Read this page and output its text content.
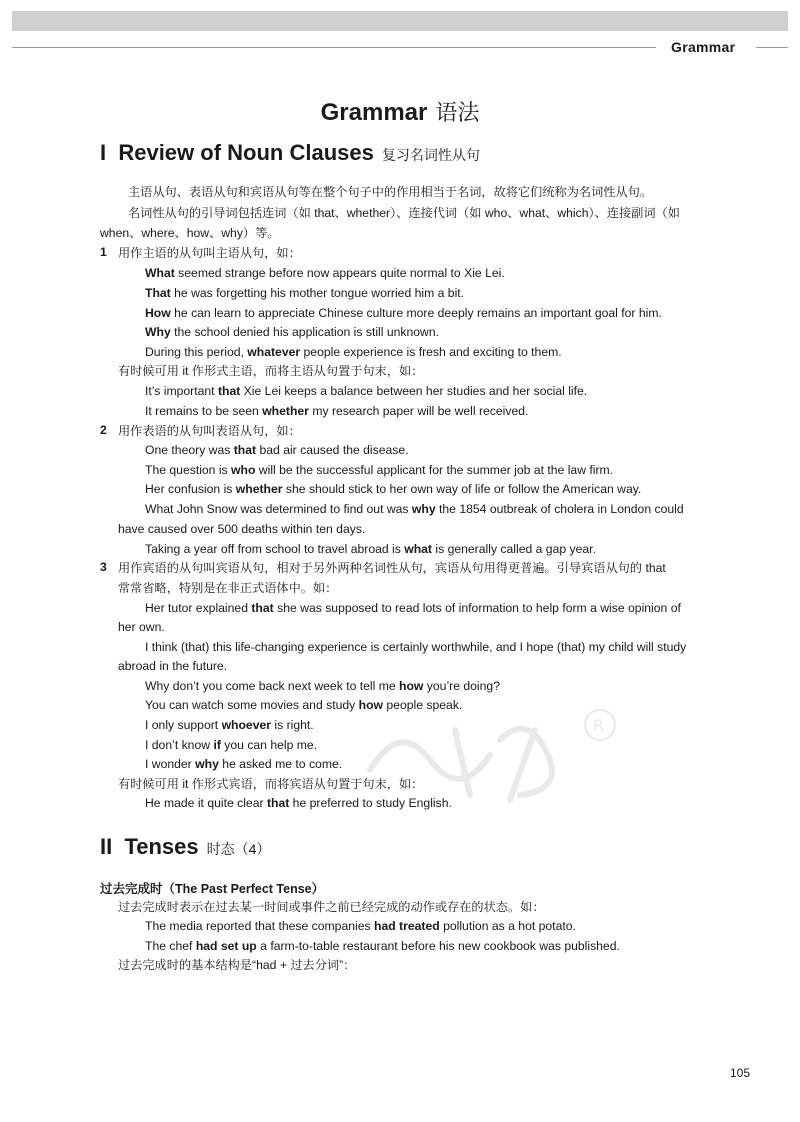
Grammar
Grammar 语法
I  Review of Noun Clauses 复习名词性从句
主语从句、表语从句和宾语从句等在整个句子中的作用相当于名词，故将它们统称为名词性从句。
名词性从句的引导词包括连词（如 that、whether）、连接代词（如 who、what、which）、连接副词（如
when、where、how、why）等。
1 用作主语的从句叫主语从句，如：
What seemed strange before now appears quite normal to Xie Lei.
That he was forgetting his mother tongue worried him a bit.
How he can learn to appreciate Chinese culture more deeply remains an important goal for him.
Why the school denied his application is still unknown.
During this period, whatever people experience is fresh and exciting to them.
有时候可用 it 作形式主语，而将主语从句置于句末，如：
It’s important that Xie Lei keeps a balance between her studies and her social life.
It remains to be seen whether my research paper will be well received.
2 用作表语的从句叫表语从句，如：
One theory was that bad air caused the disease.
The question is who will be the successful applicant for the summer job at the law firm.
Her confusion is whether she should stick to her own way of life or follow the American way.
What John Snow was determined to find out was why the 1854 outbreak of cholera in London could
have caused over 500 deaths within ten days.
Taking a year off from school to travel abroad is what is generally called a gap year.
3 用作宾语的从句叫宾语从句，相对于另外两种名词性从句，宾语从句用得更普遍。引导宾语从句的 that
常常省略，特别是在非正式语体中。如：
Her tutor explained that she was supposed to read lots of information to help form a wise opinion of
her own.
I think (that) this life-changing experience is certainly worthwhile, and I hope (that) my child will study
abroad in the future.
Why don’t you come back next week to tell me how you’re doing?
You can watch some movies and study how people speak.
I only support whoever is right.
I don’t know if you can help me.
I wonder why he asked me to come.
有时候可用 it 作形式宾语，而将宾语从句置于句末，如：
He made it quite clear that he preferred to study English.
R
II  Tenses 时态（4）
过去完成时（The Past Perfect Tense）
过去完成时表示在过去某一时间或事件之前已经完成的动作或存在的状态。如：
The media reported that these companies had treated pollution as a hot potato.
The chef had set up a farm-to-table restaurant before his new cookbook was published.
过去完成时的基本结构是“had + 过去分词”：
105
